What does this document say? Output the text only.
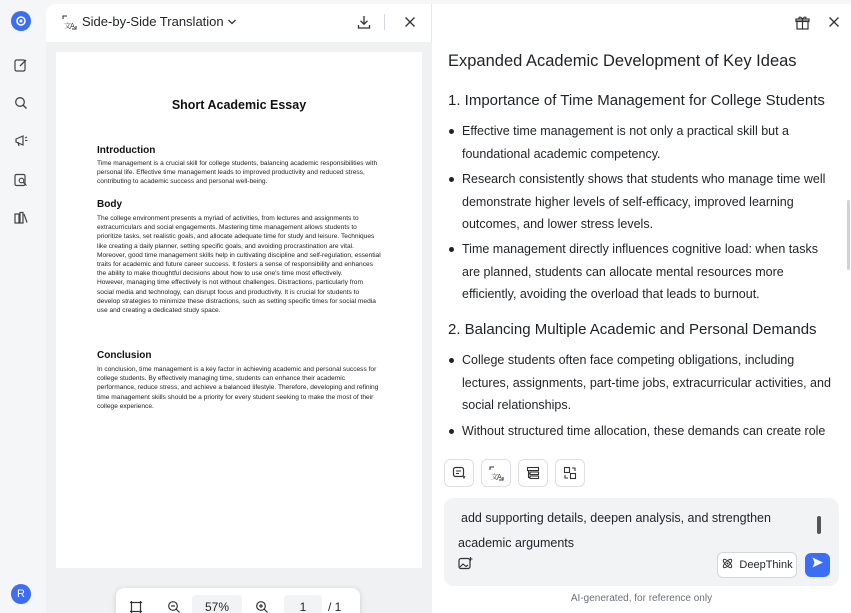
R
文 A Side-by-Side Translation
Short Academic Essay
Introduction

Time management is a crucial skill for college students, balancing academic responsibilities with personal life. Effective time management leads to improved productivity and reduced stress, contributing to academic success and personal well-being.

Body

The college environment presents a myriad of activities, from lectures and assignments to extracurriculars and social engagements. Mastering time management allows students to prioritize tasks, set realistic goals, and allocate adequate time for study and leisure. Techniques like creating a daily planner, setting specific goals, and avoiding procrastination are vital.
Moreover, good time management skills help in cultivating discipline and self-regulation, essential traits for academic and future career success. It fosters a sense of responsibility and enhances the ability to make thoughtful decisions about how to use one's time most effectively.
However, managing time effectively is not without challenges. Distractions, particularly from social media and technology, can disrupt focus and productivity. It is crucial for students to develop strategies to minimize these distractions, such as setting specific times for social media use and creating a dedicated study space.

Conclusion

In conclusion, time management is a key factor in achieving academic and personal success for college students. By effectively managing time, students can enhance their academic performance, reduce stress, and achieve a balanced lifestyle. Therefore, developing and refining time management skills should be a priority for every student seeking to make the most of their college experience.

57%	1	/ 1
Expanded Academic Development of Key Ideas
1. Importance of Time Management for College Students
Effective time management is not only a practical skill but a foundational academic competency.
Research consistently shows that students who manage time well demonstrate higher levels of self-efficacy, improved learning outcomes, and lower stress levels.
Time management directly influences cognitive load: when tasks are planned, students can allocate mental resources more efficiently, avoiding the overload that leads to burnout.
2. Balancing Multiple Academic and Personal Demands
College students often face competing obligations, including lectures, assignments, part-time jobs, extracurricular activities, and social relationships.
Without structured time allocation, these demands can create role
文 A
add supporting details, deepen analysis, and strengthen
academic arguments
DeepThink
AI-generated, for reference only
